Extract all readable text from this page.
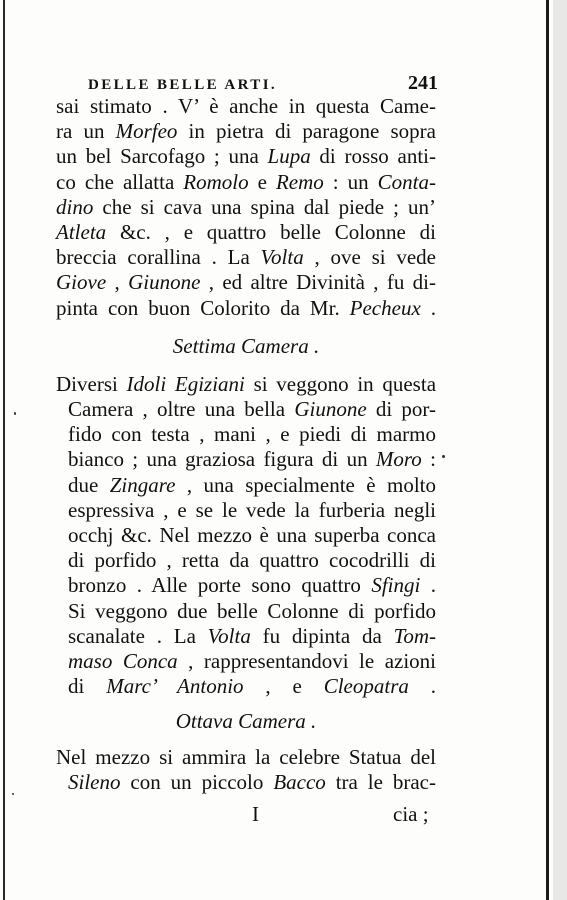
DELLE BELLE ARTI.	241
sai stimato . V’ è anche in questa Came-
ra un Morfeo in pietra di paragone sopra
un bel Sarcofago ; una Lupa di rosso anti-
co che allatta Romolo e Remo : un Conta-
dino che si cava una spina dal piede ; un’
Atleta &c. , e quattro belle Colonne di
breccia corallina . La Volta , ove si vede
Giove , Giunone , ed altre Divinità , fu di-
pinta con buon Colorito da Mr. Pecheux .
Settima Camera .
Diversi Idoli Egiziani si veggono in questa
Camera , oltre una bella Giunone di por-
fido con testa , mani , e piedi di marmo
bianco ; una graziosa figura di un Moro :
due Zingare , una specialmente è molto
espressiva , e se le vede la furberia negli
occhj &c. Nel mezzo è una superba conca
di porfido , retta da quattro cocodrilli di
bronzo . Alle porte sono quattro Sfingi .
Si veggono due belle Colonne di porfido
scanalate . La Volta fu dipinta da Tom-
maso Conca , rappresentandovi le azioni
di Marc’ Antonio , e Cleopatra .
Ottava Camera .
Nel mezzo si ammira la celebre Statua del
Sileno con un piccolo Bacco tra le brac-
I	cia ;
